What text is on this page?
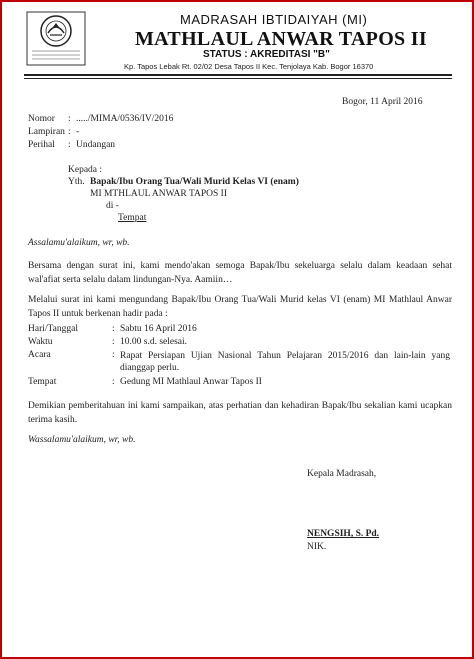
MADRASAH IBTIDAIYAH (MI)
MATHLAUL ANWAR TAPOS II
STATUS : AKREDITASI "B"
Kp. Tapos Lebak Rt. 02/02 Desa Tapos II Kec. Tenjolaya Kab. Bogor 16370
Bogor, 11 April 2016
Nomor : ...../MIMA/0536/IV/2016
Lampiran : -
Perihal : Undangan
Kepada :
Yth. Bapak/Ibu Orang Tua/Wali Murid Kelas VI (enam)
MI MTHLAUL ANWAR TAPOS II
di -
Tempat
Assalamu'alaikum, wr, wb.
Bersama dengan surat ini, kami mendo'akan semoga Bapak/Ibu sekeluarga selalu dalam keadaan sehat wal'afiat serta selalu dalam lindungan-Nya. Aamiin…
Melalui surat ini kami mengundang Bapak/Ibu Orang Tua/Wali Murid kelas VI (enam) MI Mathlaul Anwar Tapos II untuk berkenan hadir pada :
Hari/Tanggal	: Sabtu 16 April 2016
Waktu	: 10.00 s.d. selesai.
Acara	: Rapat Persiapan Ujian Nasional Tahun Pelajaran 2015/2016 dan lain-lain yang dianggap perlu.
Tempat	: Gedung MI Mathlaul Anwar Tapos II
Demikian pemberitahuan ini kami sampaikan, atas perhatian dan kehadiran Bapak/Ibu sekalian kami ucapkan terima kasih.
Wassalamu'alaikum, wr, wb.
Kepala Madrasah,
NENGSIH, S. Pd.
NIK.
